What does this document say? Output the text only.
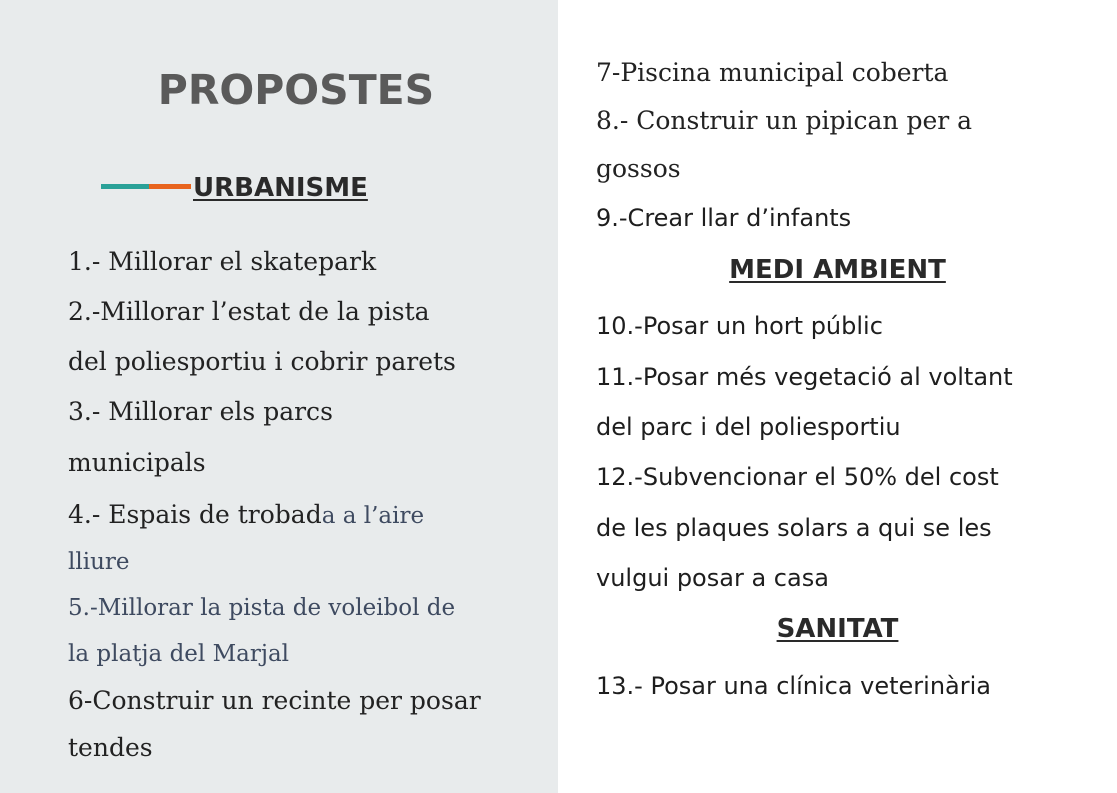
PROPOSTES
URBANISME

1.- Millorar el skatepark

2.-Millorar l’estat de la pista

del poliesportiu i cobrir parets

3.- Millorar els parcs

municipals

4.- Espais de trobada a l’aire

lliure

5.-Millorar la pista de voleibol de

la platja del Marjal

6-Construir un recinte per posar

tendes

7-Piscina municipal coberta

8.- Construir un pipican per a

gossos

9.-Crear llar d’infants

MEDI AMBIENT

10.-Posar un hort públic

11.-Posar més vegetació al voltant

del parc i del poliesportiu

12.-Subvencionar el 50% del cost

de les plaques solars a qui se les

vulgui posar a casa

SANITAT

13.- Posar una clínica veterinària
